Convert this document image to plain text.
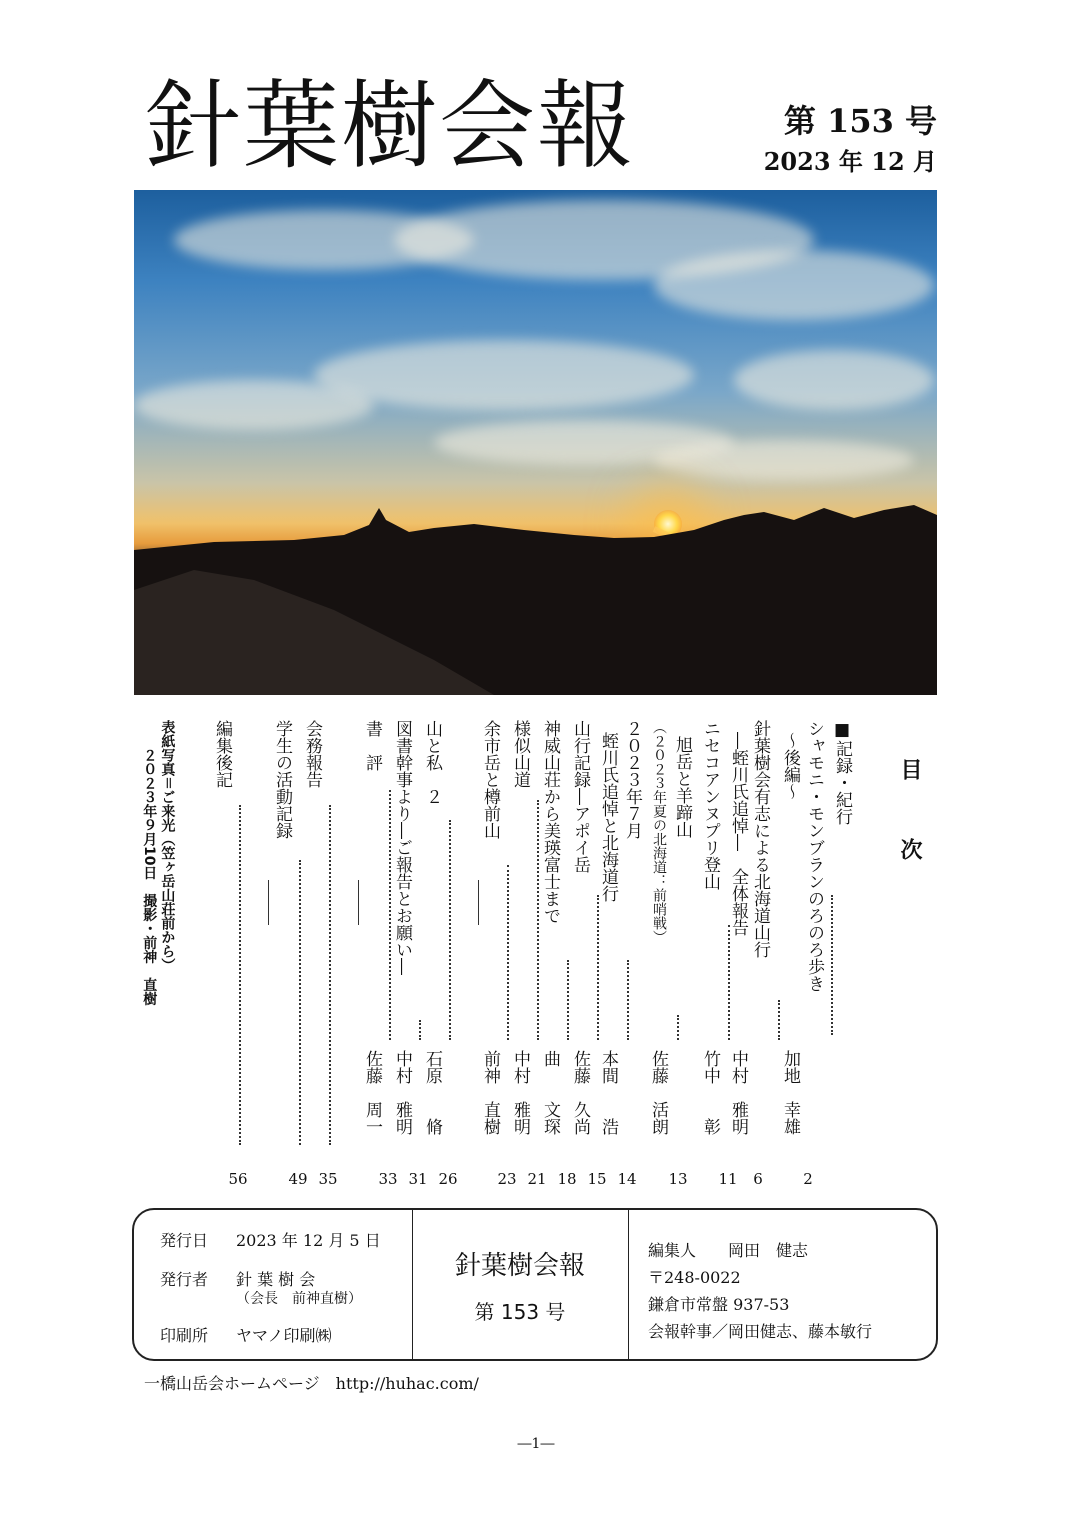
針葉樹会報	第 153 号
2023 年 12 月
目　次
■記録・紀行
シャモニ・モンブランのろのろ歩き
～後編～
加地　幸雄
針葉樹会有志による北海道山行
―蛭川氏追悼―　全体報告
中村　雅明
ニセコアンヌプリ登山
竹中　　彰
旭岳と羊蹄山
（２０２３年夏の北海道：前哨戦）
佐藤　活朗
２０２３年７月
蛭川氏追悼と北海道行
本間　　浩
山行記録―アポイ岳
佐藤　久尚
神威山荘から美瑛富士まで
曲　　文琛
様似山道
中村　雅明
余市岳と樽前山
前神　直樹
山と私　２
石原　　脩
図書幹事より―ご報告とお願い―
中村　雅明
書　評
佐藤　周一
会務報告
学生の活動記録
編集後記
2
6
11
13
14
15
18
21
23
26
31
33
35
49
56
表紙写真＝ご来光（笠ヶ岳山荘前から）
２０２３年９月10日　撮影・前神　直樹
発行日 2023 年 12 月 5 日
発行者 針 葉 樹 会
（会長　前神直樹）
印刷所 ヤマノ印刷㈱
針葉樹会報
第 153 号
編集人　　岡田　健志
〒248-0022
鎌倉市常盤 937-53
会報幹事／岡田健志、藤本敏行
一橋山岳会ホームページ　http://huhac.com/
―1―
